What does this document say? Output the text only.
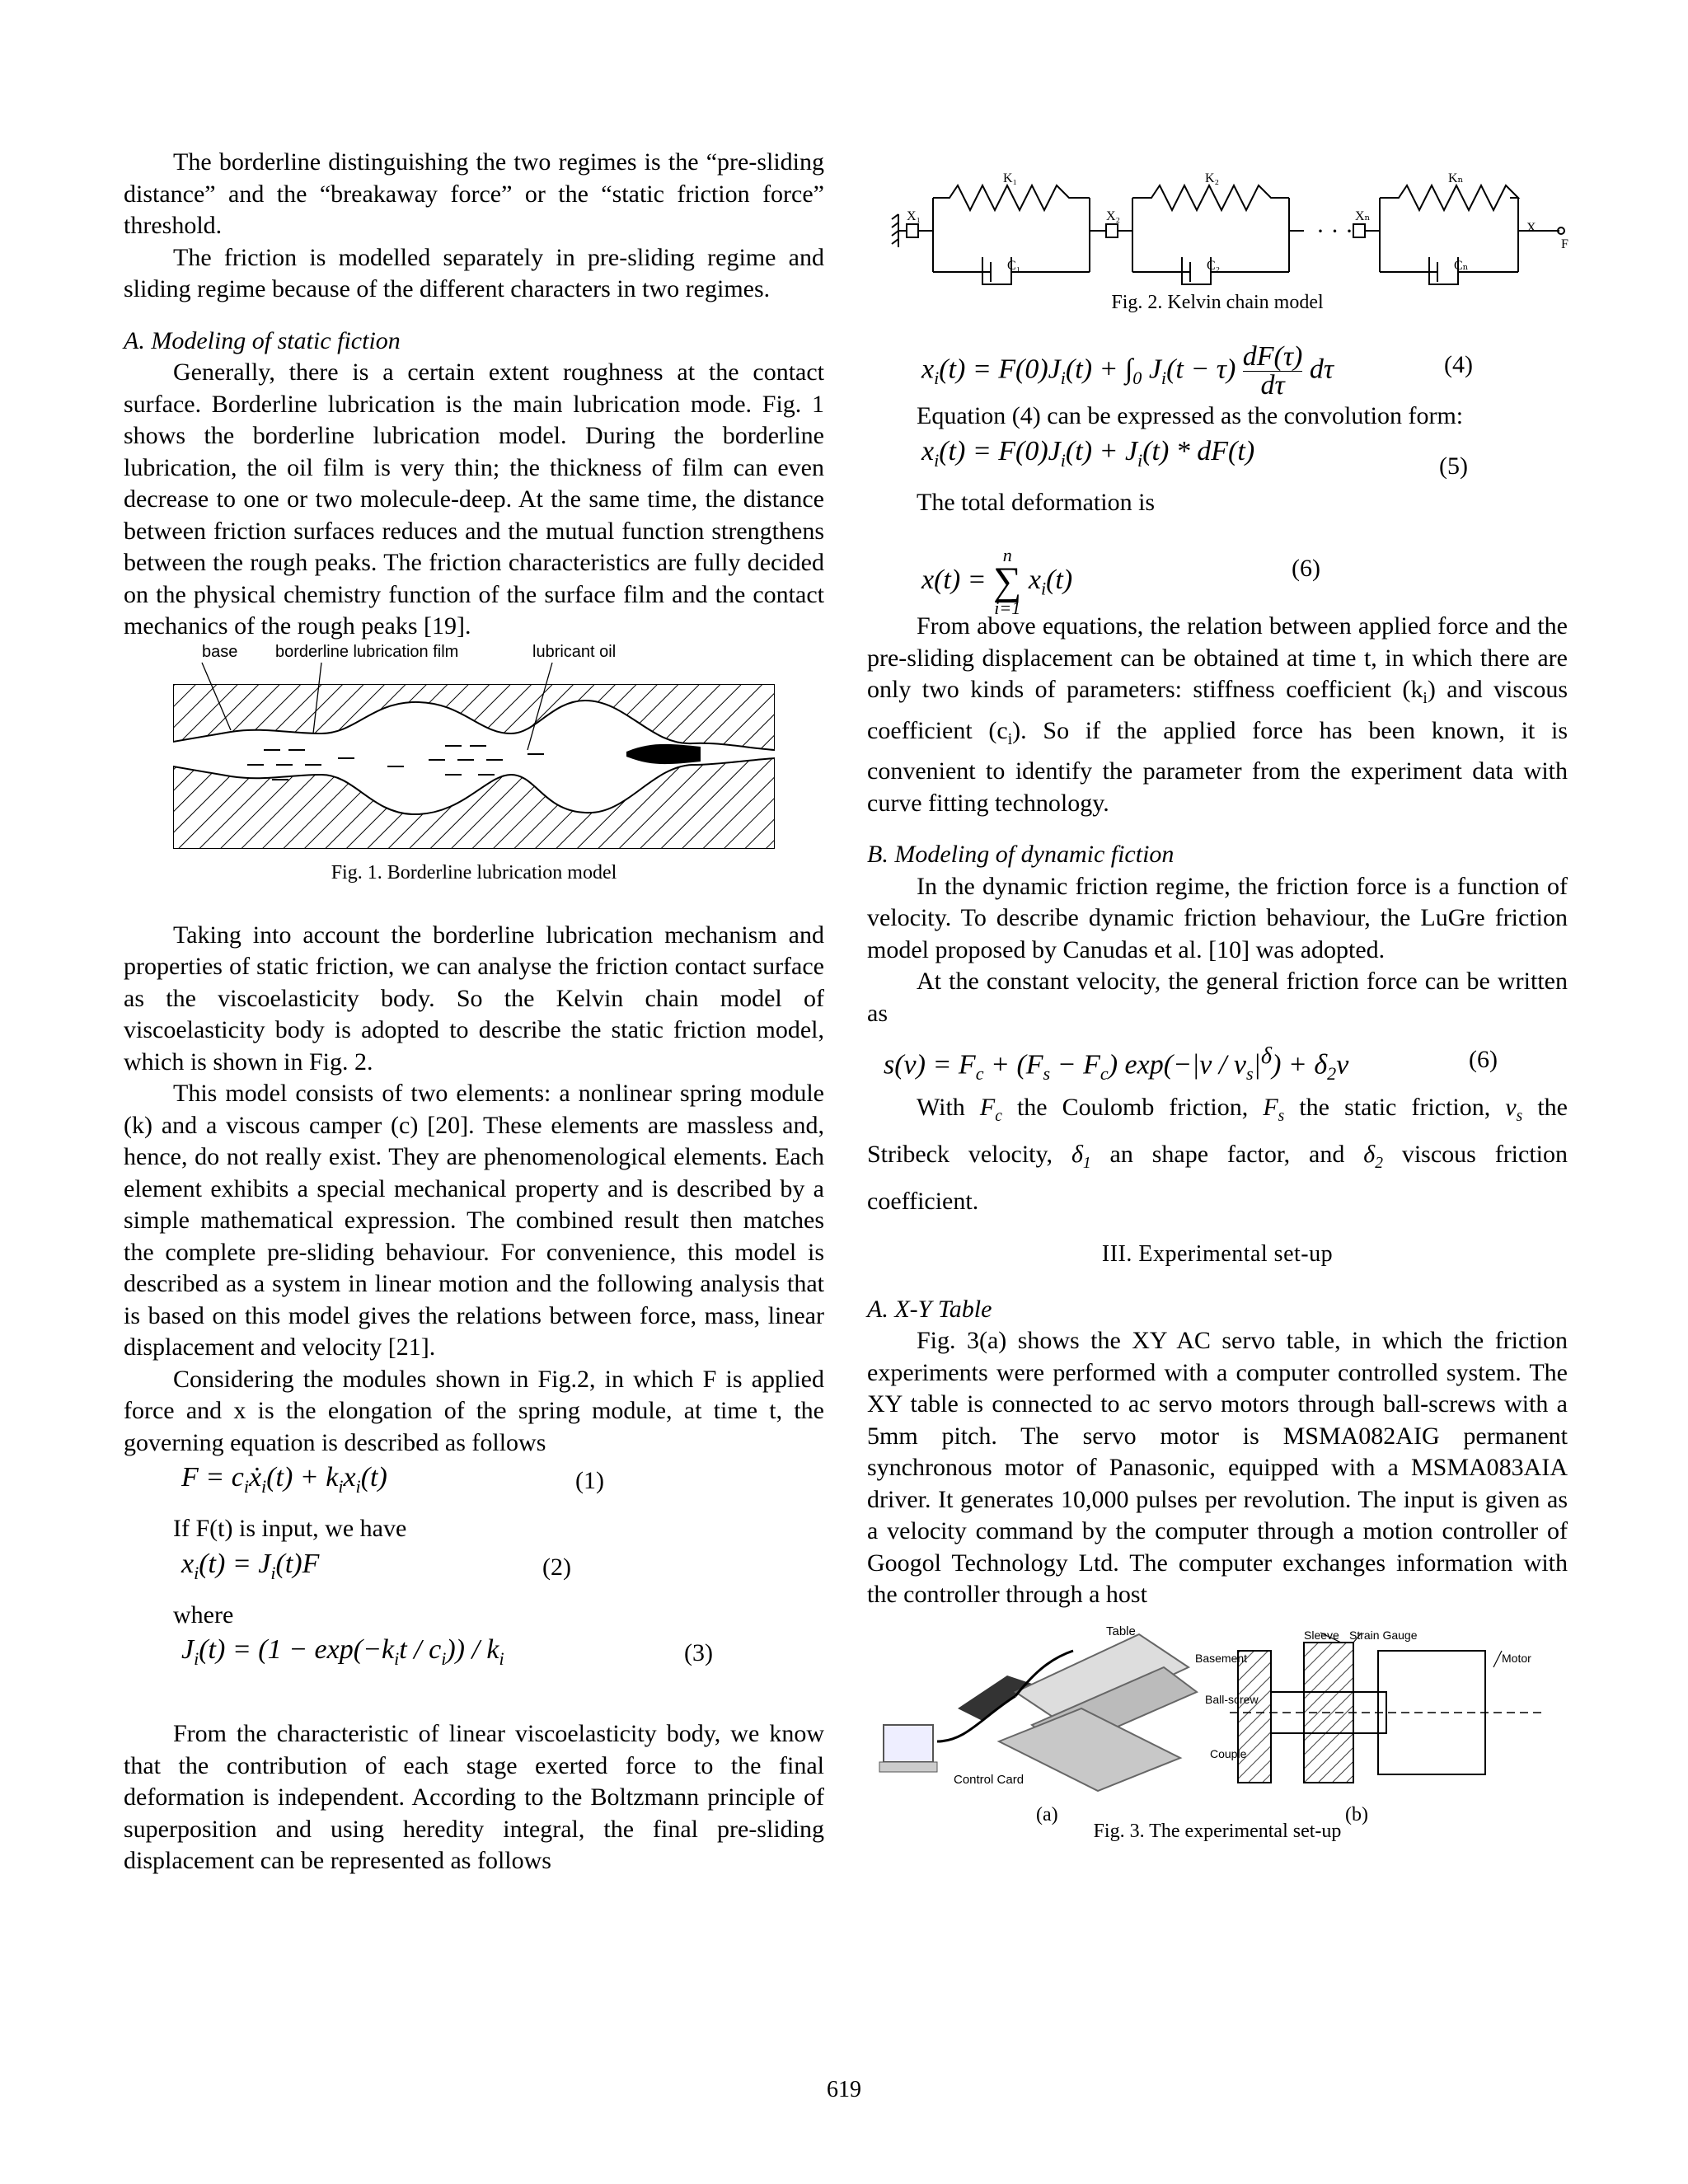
The borderline distinguishing the two regimes is the “pre-sliding distance” and the “breakaway force” or the “static friction force” threshold.

The friction is modelled separately in pre-sliding regime and sliding regime because of the different characters in two regimes.

A. Modeling of static fiction

Generally, there is a certain extent roughness at the contact surface. Borderline lubrication is the main lubrication mode. Fig. 1 shows the borderline lubrication model. During the borderline lubrication, the oil film is very thin; the thickness of film can even decrease to one or two molecule-deep. At the same time, the distance between friction surfaces reduces and the mutual function strengthens between the rough peaks. The friction characteristics are fully decided on the physical chemistry function of the surface film and the contact mechanics of the rough peaks [19].

base borderline lubrication film	lubricant oil
Fig. 1. Borderline lubrication model

Taking into account the borderline lubrication mechanism and properties of static friction, we can analyse the friction contact surface as the viscoelasticity body. So the Kelvin chain model of viscoelasticity body is adopted to describe the static friction model, which is shown in Fig. 2.

This model consists of two elements: a nonlinear spring module (k) and a viscous camper (c) [20]. These elements are massless and, hence, do not really exist. They are phenomenological elements. Each element exhibits a special mechanical property and is described by a simple mathematical expression. The combined result then matches the complete pre-sliding behaviour. For convenience, this model is described as a system in linear motion and the following analysis that is based on this model gives the relations between force, mass, linear displacement and velocity [21].

Considering the modules shown in Fig.2, in which F is applied force and x is the elongation of the spring module, at time t, the governing equation is described as follows

$F = c_iẋ_i(t) + k_ix_i(t)$	(1)
If F(t) is input, we have
$x_i(t) = J_i(t)F$	(2)
where
$J_i(t) = (1 - \exp(-k_it / c_i)) / k_i$	(3)

From the characteristic of linear viscoelasticity body, we know that the contribution of each stage exerted force to the final deformation is independent. According to the Boltzmann principle of superposition and using heredity integral, the final pre-sliding displacement can be represented as follows

· · ·
K₁	K₂	Kₙ
X₁	X₂	Xₙ
C₁	C₂	Cₙ
X
F
Fig. 2. Kelvin chain model
$x_i(t) = F(0)J_i(t) + \int_0$ $J_i(t - \tau) \frac{dF(\tau)}{d\tau}$ dτ	(4)
Equation (4) can be expressed as the convolution form:
$x_i(t) = F(0)J_i(t) + J_i(t) * dF(t)$	(5)
The total deformation is
x(t) =
n
∑
i=1
$x_i(t)$	(6)

From above equations, the relation between applied force and the pre-sliding displacement can be obtained at time t, in which there are only two kinds of parameters: stiffness coefficient $(k_i)$ and viscous coefficient $(c_i)$. So if the applied force has been known, it is convenient to identify the parameter from the experiment data with curve fitting technology.

B. Modeling of dynamic fiction

In the dynamic friction regime, the friction force is a function of velocity. To describe dynamic friction behaviour, the LuGre friction model proposed by Canudas et al. [10] was adopted.

At the constant velocity, the general friction force can be written as

$s(v) = F_c + (F_s - F_c)$ $\exp(-|v / v_s|^\delta) + \delta_2v$	(6)

With $F_c$ the Coulomb friction, $F_s$ the static friction, $v_s$ the Stribeck velocity, $\delta_1$ an shape factor, and $\delta_2$ viscous friction coefficient.

III. Experimental set-up
A. X-Y Table

Fig. 3(a) shows the XY AC servo table, in which the friction experiments were performed with a computer controlled system. The XY table is connected to ac servo motors through ball-screws with a 5mm pitch. The servo motor is MSMA082AIG permanent synchronous motor of Panasonic, equipped with a MSMA083AIA driver. It generates 10,000 pulses per revolution. The input is given as a velocity command by the computer through a motion controller of Googol Technology Ltd. The computer exchanges information with the controller through a host

Table
Control Card
Sleeve Strain Gauge
Basement	Motor
Ball-screw
Couple
(a)	(b)
Fig. 3. The experimental set-up
619
